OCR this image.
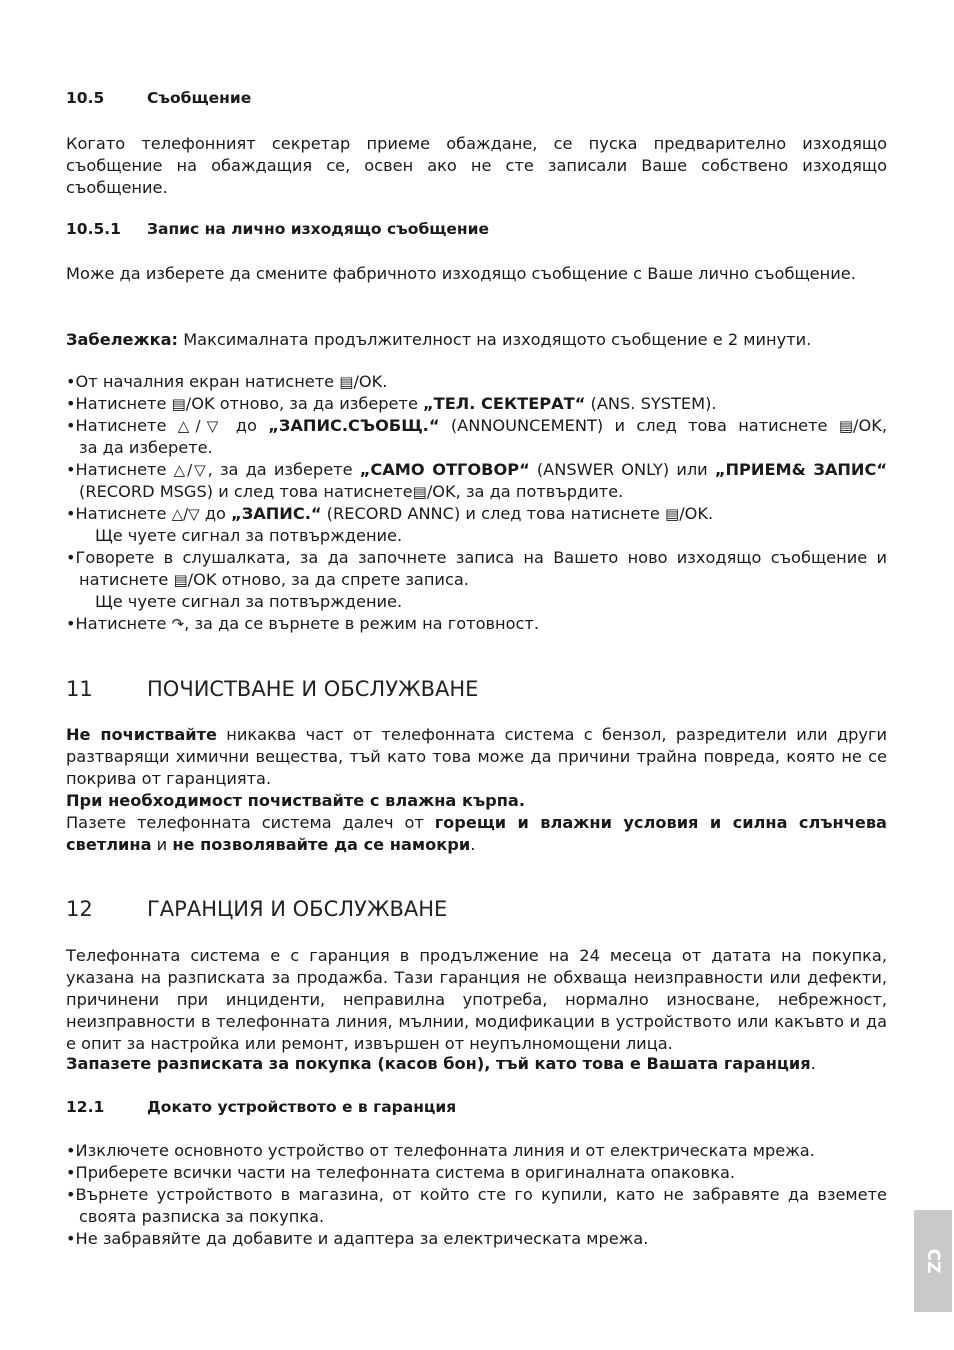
10.5	Съобщение
Когато телефонният секретар приеме обаждане, се пуска предварително изходящо съобщение на обаждащия се, освен ако не сте записали Ваше собствено изходящо съобщение.
10.5.1 Запис на лично изходящо съобщение
Може да изберете да смените фабричното изходящо съобщение с Ваше лично съобщение.
Забележка: Максималната продължителност на изходящото съобщение е 2 минути.
•От началния екран натиснете ▤/OK.
•Натиснете ▤/OK отново, за да изберете „ТЕЛ. СЕКТЕРАТ“ (ANS. SYSTEM).
•Натиснете △/▽ до „ЗАПИС.СЪОБЩ.“ (ANNOUNCEMENT) и след това натиснете ▤/OK,
за да изберете.
•Натиснете △/▽, за да изберете „САМО ОТГОВОР“ (ANSWER ONLY) или „ПРИЕМ& ЗАПИС“
(RECORD MSGS) и след това натиснете▤/OK, за да потвърдите.
•Натиснете △/▽ до „ЗАПИС.“ (RECORD ANNC) и след това натиснете ▤/OK.
Ще чуете сигнал за потвърждение.
•Говорете в слушалката, за да започнете записа на Вашето ново изходящо съобщение и
натиснете ▤/OK отново, за да спрете записа.
Ще чуете сигнал за потвърждение.
•Натиснете ↷, за да се върнете в режим на готовност.
11	ПОЧИСТВАНЕ И ОБСЛУЖВАНЕ
Не почиствайте никаква част от телефонната система с бензол, разредители или други разтварящи химични вещества, тъй като това може да причини трайна повреда, която не се покрива от гаранцията.
При необходимост почиствайте с влажна кърпа.
Пазете телефонната система далеч от горещи и влажни условия и силна слънчева светлина и не позволявайте да се намокри.
12	ГАРАНЦИЯ И ОБСЛУЖВАНЕ
Телефонната система е с гаранция в продължение на 24 месеца от датата на покупка, указана на разписката за продажба. Тази гаранция не обхваща неизправности или дефекти, причинени при инциденти, неправилна употреба, нормално износване, небрежност, неизправности в телефонната линия, мълнии, модификации в устройството или какъвто и да е опит за настройка или ремонт, извършен от неупълномощени лица.
Запазете разписката за покупка (касов бон), тъй като това е Вашата гаранция.
12.1	Докато устройството е в гаранция
•Изключете основното устройство от телефонната линия и от електрическата мрежа.
•Приберете всички части на телефонната система в оригиналната опаковка.
•Върнете устройството в магазина, от който сте го купили, като не забравяте да вземете
своята разписка за покупка.
•Не забравяйте да добавите и адаптера за електрическата мрежа.
CZ
